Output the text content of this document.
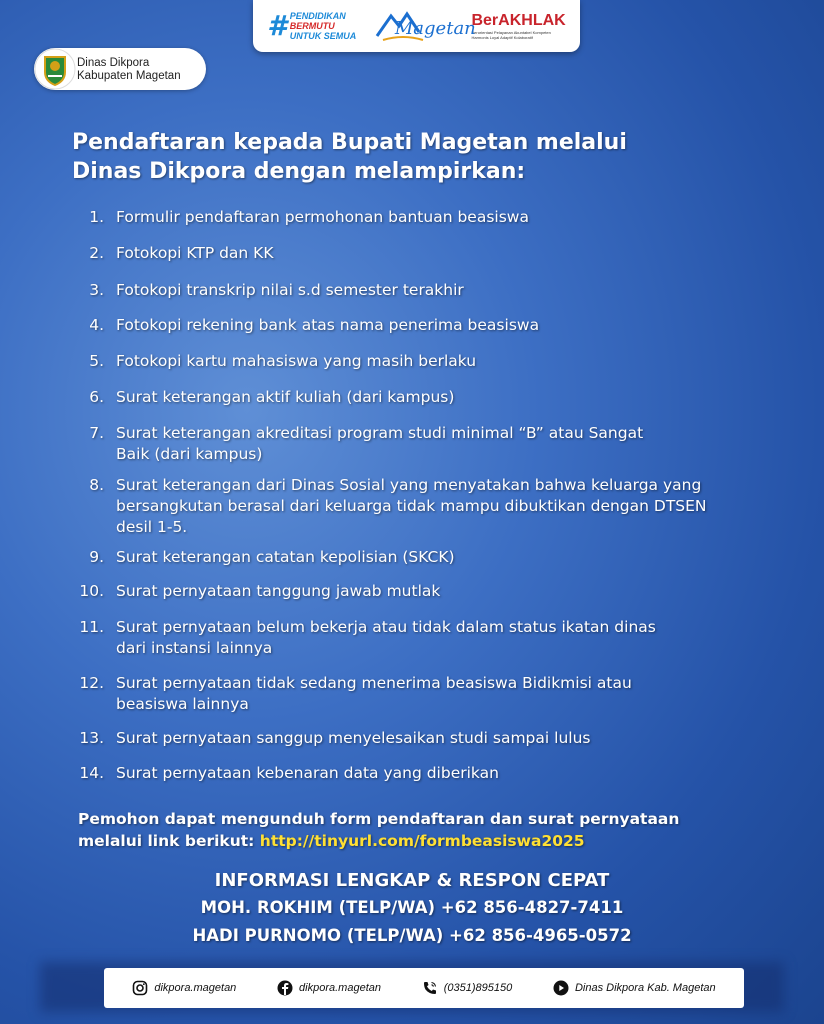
# PENDIDIKAN
BERMUTU
UNTUK SEMUA Magetan
BerAKHLAK
Berorientasi Pelayanan Akuntabel Kompeten Harmonis Loyal Adaptif Kolaboratif
Dinas Dikpora
Kabupaten Magetan
Pendaftaran kepada Bupati Magetan melalui
Dinas Dikpora dengan melampirkan:
1. Formulir pendaftaran permohonan bantuan beasiswa
2. Fotokopi KTP dan KK
3. Fotokopi transkrip nilai s.d semester terakhir
4. Fotokopi rekening bank atas nama penerima beasiswa
5. Fotokopi kartu mahasiswa yang masih berlaku
6. Surat keterangan aktif kuliah (dari kampus)
7. Surat keterangan akreditasi program studi minimal “B” atau Sangat
Baik (dari kampus)
8. Surat keterangan dari Dinas Sosial yang menyatakan bahwa keluarga yang
bersangkutan berasal dari keluarga tidak mampu dibuktikan dengan DTSEN
desil 1-5.
9. Surat keterangan catatan kepolisian (SKCK)
10. Surat pernyataan tanggung jawab mutlak
11. Surat pernyataan belum bekerja atau tidak dalam status ikatan dinas
dari instansi lainnya
12. Surat pernyataan tidak sedang menerima beasiswa Bidikmisi atau
beasiswa lainnya
13. Surat pernyataan sanggup menyelesaikan studi sampai lulus
14. Surat pernyataan kebenaran data yang diberikan
Pemohon dapat mengunduh form pendaftaran dan surat pernyataan
melalui link berikut: http://tinyurl.com/formbeasiswa2025
INFORMASI LENGKAP & RESPON CEPAT
MOH. ROKHIM (TELP/WA) +62 856-4827-7411
HADI PURNOMO (TELP/WA) +62 856-4965-0572
dikpora.magetan	dikpora.magetan	(0351)895150	Dinas Dikpora Kab. Magetan
